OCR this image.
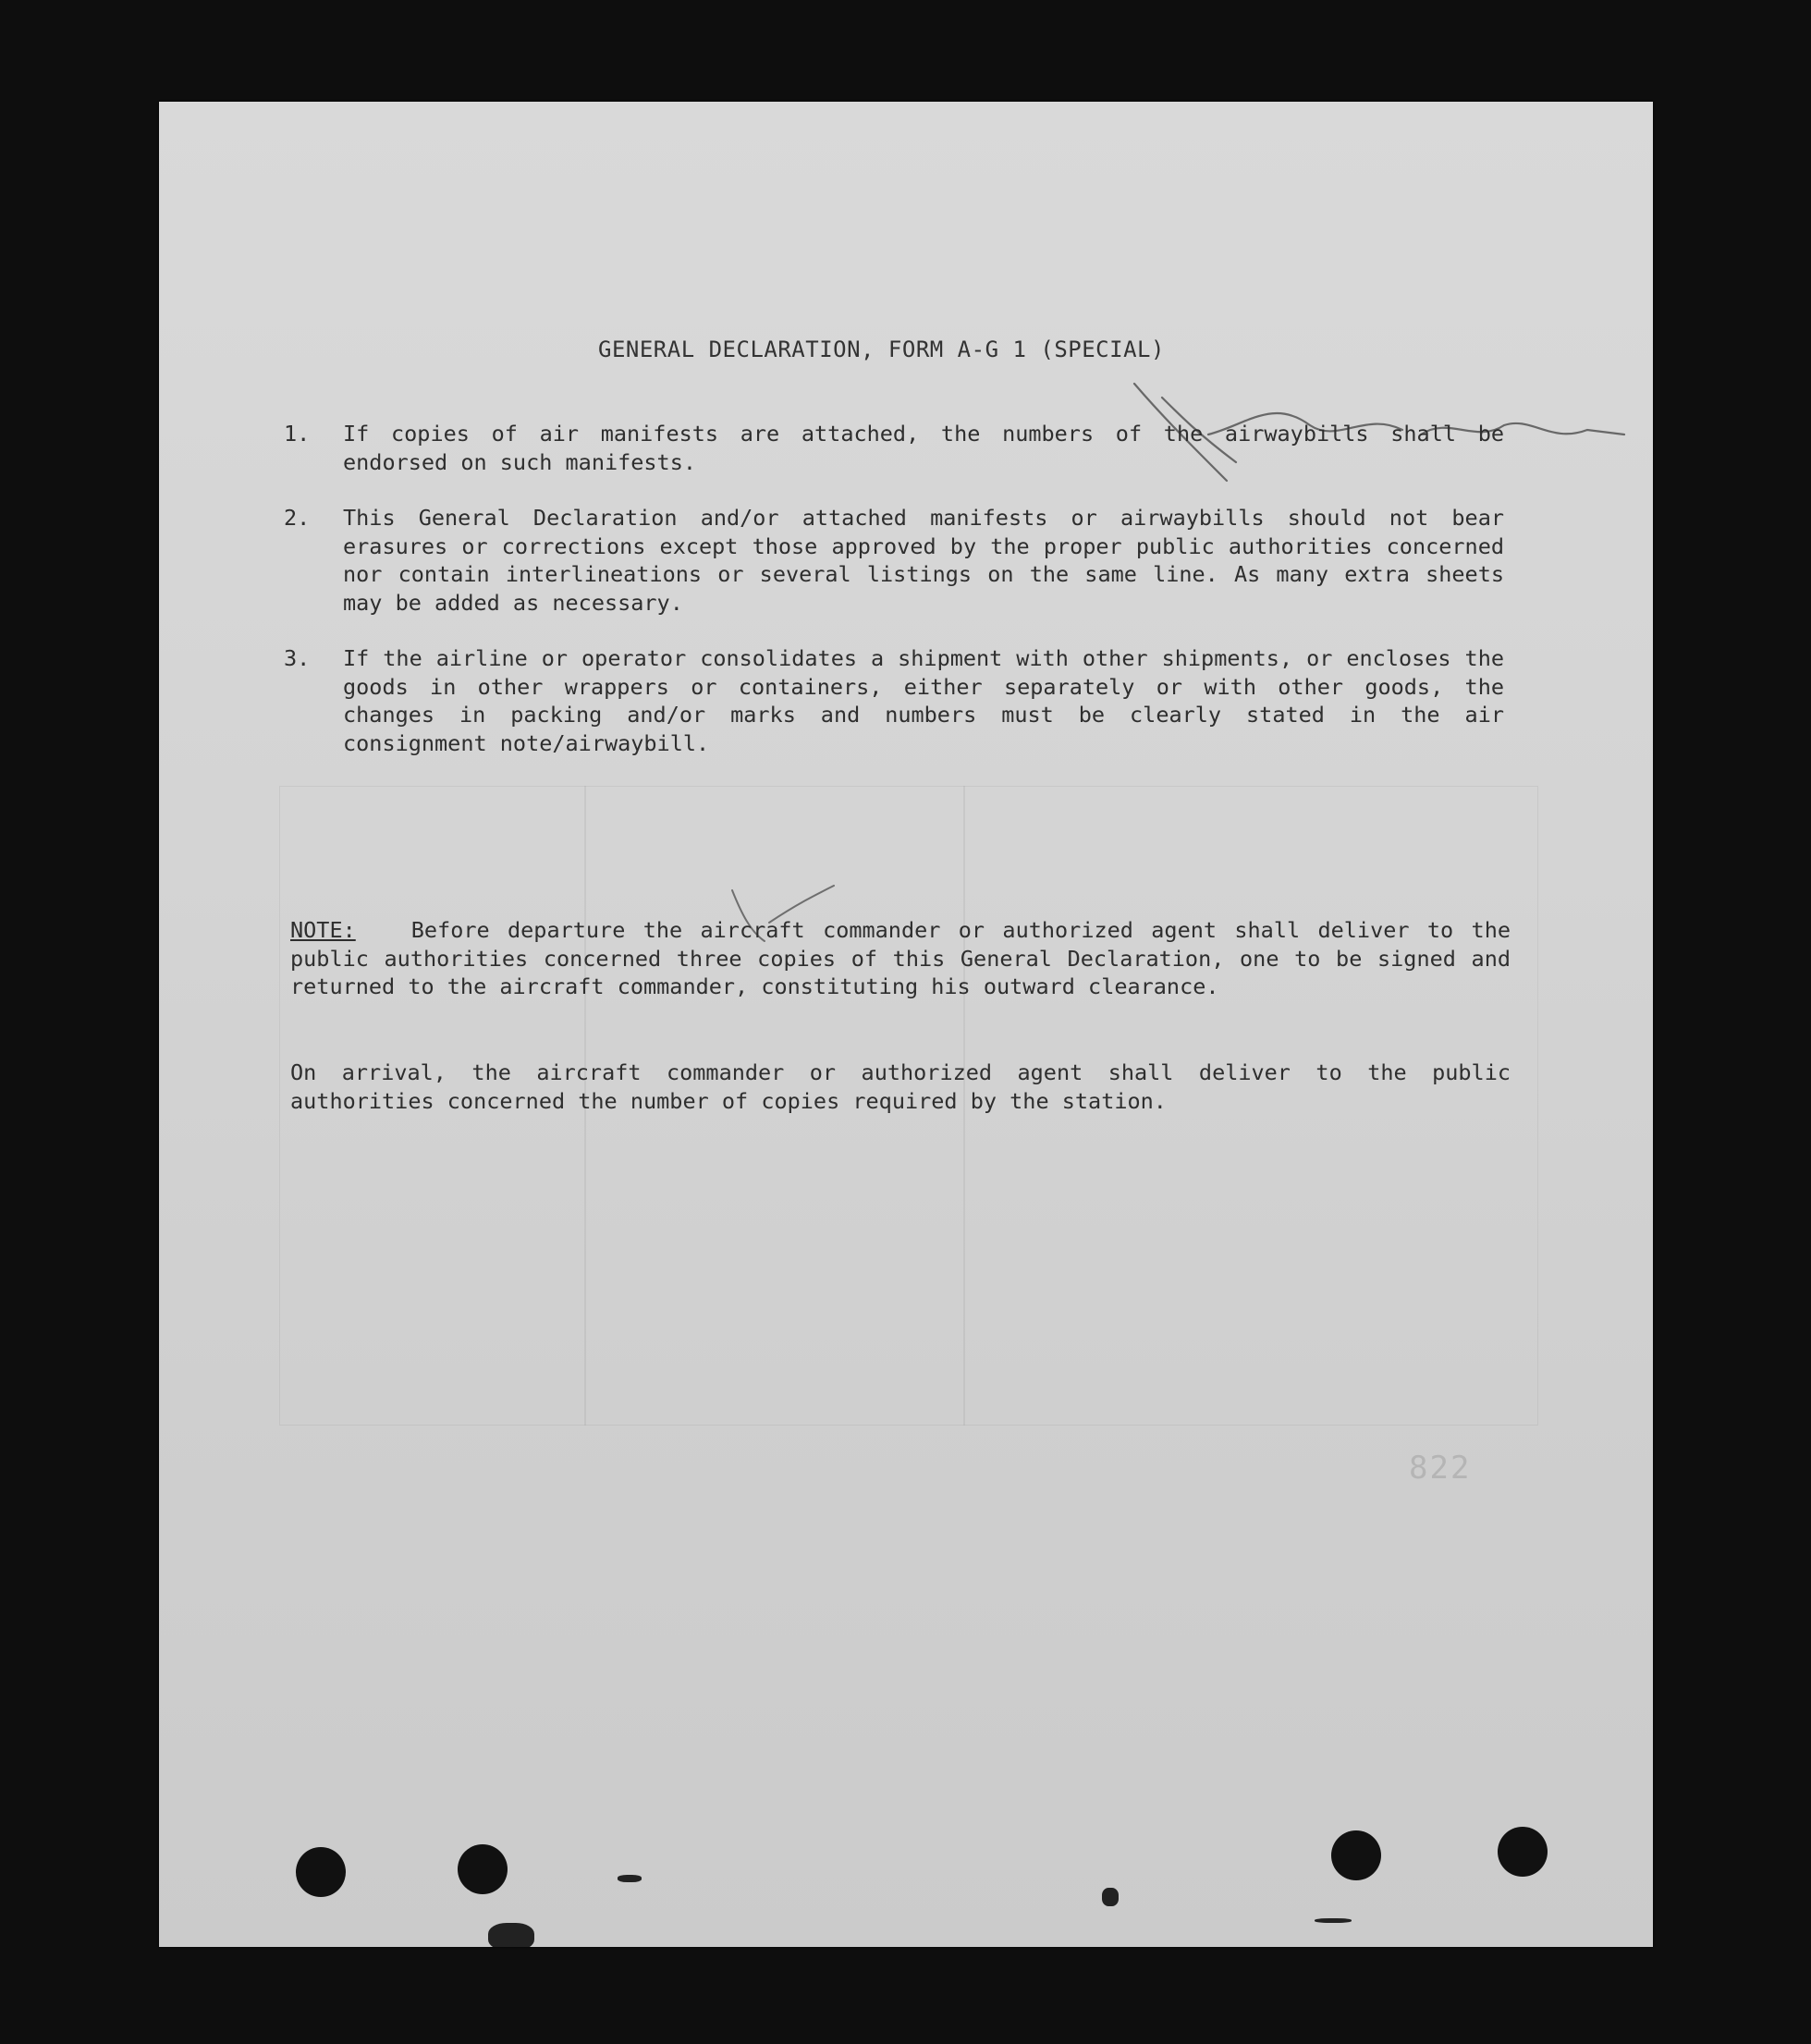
GENERAL DECLARATION, FORM A-G 1 (SPECIAL)
1. If copies of air manifests are attached, the numbers of the airwaybills shall be endorsed on such manifests.
2. This General Declaration and/or attached manifests or airwaybills should not bear erasures or corrections except those approved by the proper public authorities concerned nor contain interlineations or several listings on the same line. As many extra sheets may be added as necessary.
3. If the airline or operator consolidates a shipment with other shipments, or encloses the goods in other wrappers or containers, either separately or with other goods, the changes in packing and/or marks and numbers must be clearly stated in the air consignment note/airwaybill.
NOTE:	Before departure the aircraft commander or authorized agent shall deliver to the public authorities concerned three copies of this General Declaration, one to be signed and returned to the aircraft commander, constituting his outward clearance.
On arrival, the aircraft commander or authorized agent shall deliver to the public authorities concerned the number of copies required by the station.
822
